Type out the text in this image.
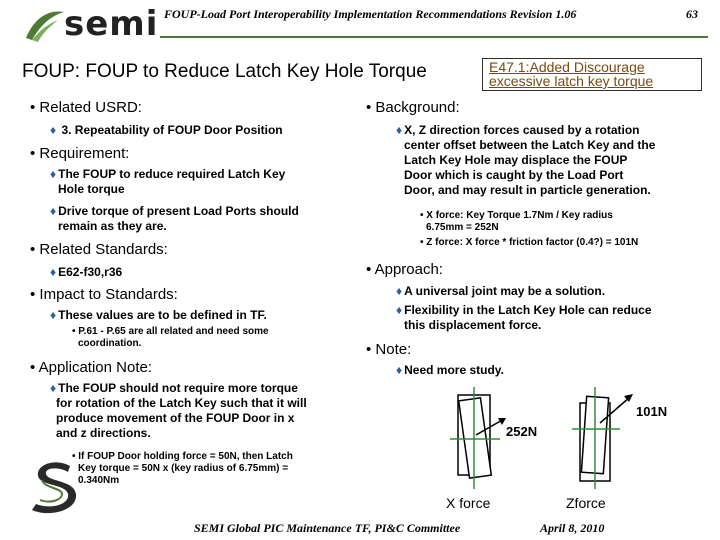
semi FOUP-Load Port Interoperability Implementation Recommendations Revision 1.06	63
FOUP: FOUP to Reduce Latch Key Hole Torque	E47.1:Added Discourage
excessive latch key torque
• Related USRD:
♦ 3. Repeatability of FOUP Door Position
• Requirement:
♦ The FOUP to reduce required Latch Key
Hole torque
♦ Drive torque of present Load Ports should
remain as they are.
• Related Standards:
♦ E62-f30,r36
• Impact to Standards:
♦ These values are to be defined in TF.
• P.61 - P.65 are all related and need some
coordination.
• Application Note:
♦ The FOUP should not require more torque
for rotation of the Latch Key such that it will
produce movement of the FOUP Door in x
and z directions.
• If FOUP Door holding force = 50N, then Latch
Key torque = 50N x (key radius of 6.75mm) =
0.340Nm
• Background:
♦ X, Z direction forces caused by a rotation
center offset between the Latch Key and the
Latch Key Hole may displace the FOUP
Door which is caught by the Load Port
Door, and may result in particle generation.
• X force: Key Torque 1.7Nm / Key radius
6.75mm = 252N
• Z force: X force * friction factor (0.4?) = 101N
• Approach:
♦ A universal joint may be a solution.
♦ Flexibility in the Latch Key Hole can reduce
this displacement force.
• Note:
♦ Need more study.
252N
X force
101N
Zforce
SEMI Global PIC Maintenance TF, PI&C Committee	April 8, 2010
